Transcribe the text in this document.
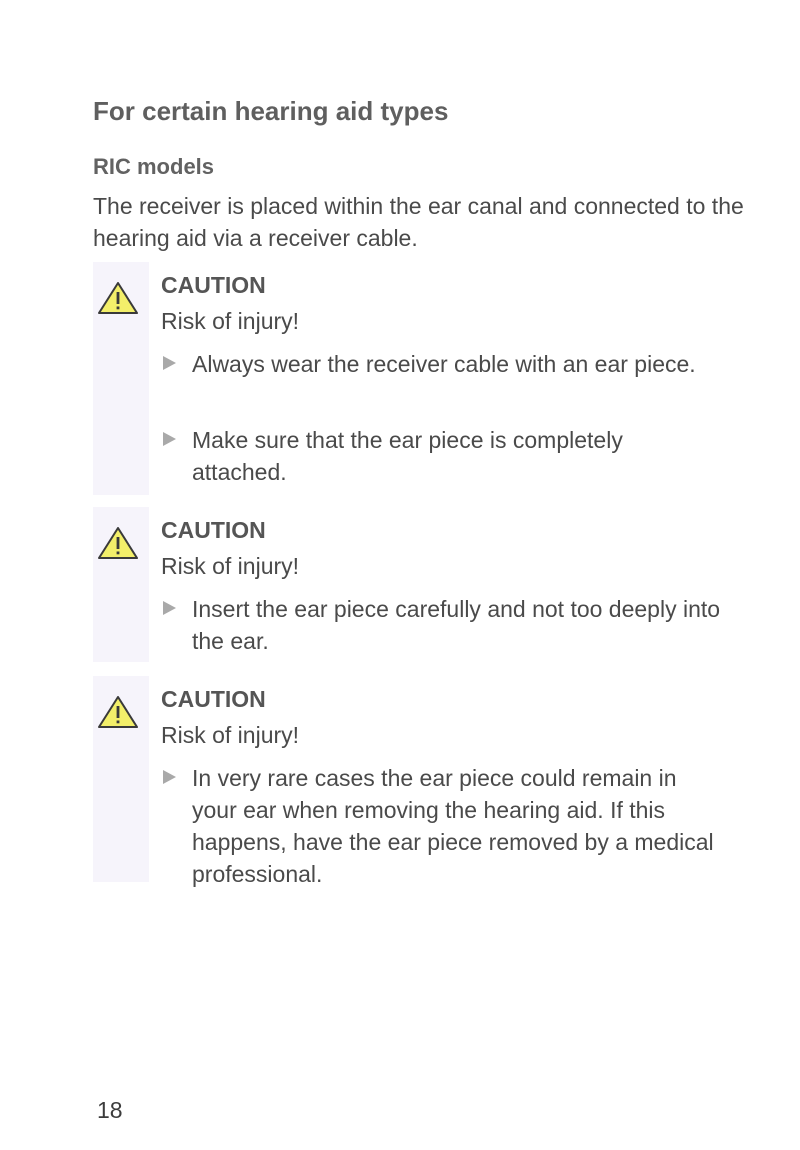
For certain hearing aid types
RIC models

The receiver is placed within the ear canal and connected to the hearing aid via a receiver cable.

CAUTION
Risk of injury!
Always wear the receiver cable with an ear piece.
Make sure that the ear piece is completely attached.
CAUTION
Risk of injury!
Insert the ear piece carefully and not too deeply into the ear.
CAUTION
Risk of injury!
In very rare cases the ear piece could remain in your ear when removing the hearing aid. If this happens, have the ear piece removed by a medical professional.
18
